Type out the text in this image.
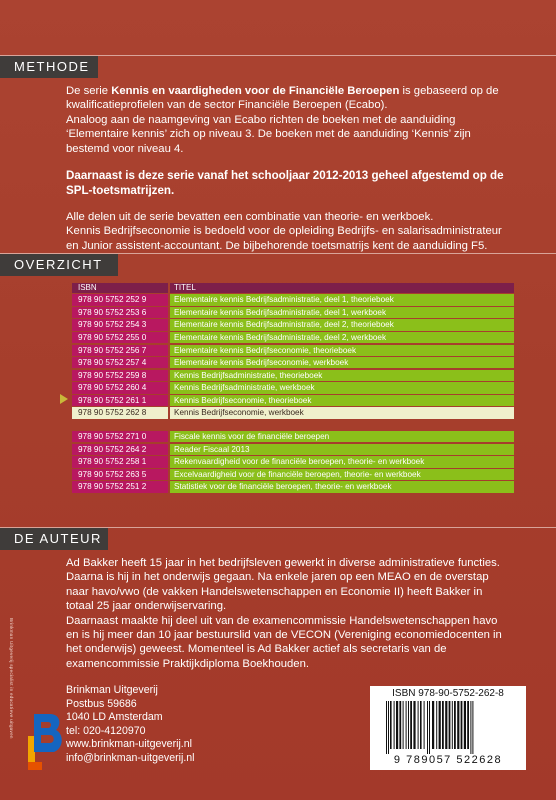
METHODE

De serie Kennis en vaardigheden voor de Financiële Beroepen is gebaseerd op de kwalificatieprofielen van de sector Financiële Beroepen (Ecabo).

Analoog aan de naamgeving van Ecabo richten de boeken met de aanduiding ‘Elementaire kennis’ zich op niveau 3. De boeken met de aanduiding ‘Kennis’ zijn bestemd voor niveau 4.

Daarnaast is deze serie vanaf het schooljaar 2012-2013 geheel afgestemd op de SPL-toetsmatrijzen.

Alle delen uit de serie bevatten een combinatie van theorie- en werkboek.

Kennis Bedrijfseconomie is bedoeld voor de opleiding Bedrijfs- en salarisadministrateur en Junior assistent-accountant. De bijbehorende toetsmatrijs kent de aanduiding F5.

OVERZICHT
ISBN	TITEL
978 90 5752 252 9	Elementaire kennis Bedrijfsadministratie, deel 1, theorieboek
978 90 5752 253 6	Elementaire kennis Bedrijfsadministratie, deel 1, werkboek
978 90 5752 254 3	Elementaire kennis Bedrijfsadministratie, deel 2, theorieboek
978 90 5752 255 0	Elementaire kennis Bedrijfsadministratie, deel 2, werkboek
978 90 5752 256 7	Elementaire kennis Bedrijfseconomie, theorieboek
978 90 5752 257 4	Elementaire kennis Bedrijfseconomie, werkboek
978 90 5752 259 8	Kennis Bedrijfsadministratie, theorieboek
978 90 5752 260 4	Kennis Bedrijfsadministratie, werkboek
978 90 5752 261 1	Kennis Bedrijfseconomie, theorieboek
978 90 5752 262 8	Kennis Bedrijfseconomie, werkboek
978 90 5752 271 0	Fiscale kennis voor de financiële beroepen
978 90 5752 264 2	Reader Fiscaal 2013
978 90 5752 258 1	Rekenvaardigheid voor de financiële beroepen, theorie- en werkboek
978 90 5752 263 5	Excelvaardigheid voor de financiële beroepen, theorie- en werkboek
978 90 5752 251 2	Statistiek voor de financiële beroepen, theorie- en werkboek
DE AUTEUR

Ad Bakker heeft 15 jaar in het bedrijfsleven gewerkt in diverse administratieve functies. Daarna is hij in het onderwijs gegaan. Na enkele jaren op een MEAO en de overstap naar havo/vwo (de vakken Handelswetenschappen en Economie II) heeft Bakker in totaal 25 jaar onderwijservaring.

Daarnaast maakte hij deel uit van de examencommissie Handelswetenschappen havo en is hij meer dan 10 jaar bestuurslid van de VECON (Vereniging economiedocenten in het onderwijs) geweest. Momenteel is Ad Bakker actief als secretaris van de examencommissie Praktijkdiploma Boekhouden.

Brinkman Uitgeverij specialist in educatieve uitgaven	Brinkman Uitgeverij
Postbus 59686
1040 LD Amsterdam
tel: 020-4120970
www.brinkman-uitgeverij.nl
info@brinkman-uitgeverij.nl
ISBN 978-90-5752-262-8
9 789057 522628
